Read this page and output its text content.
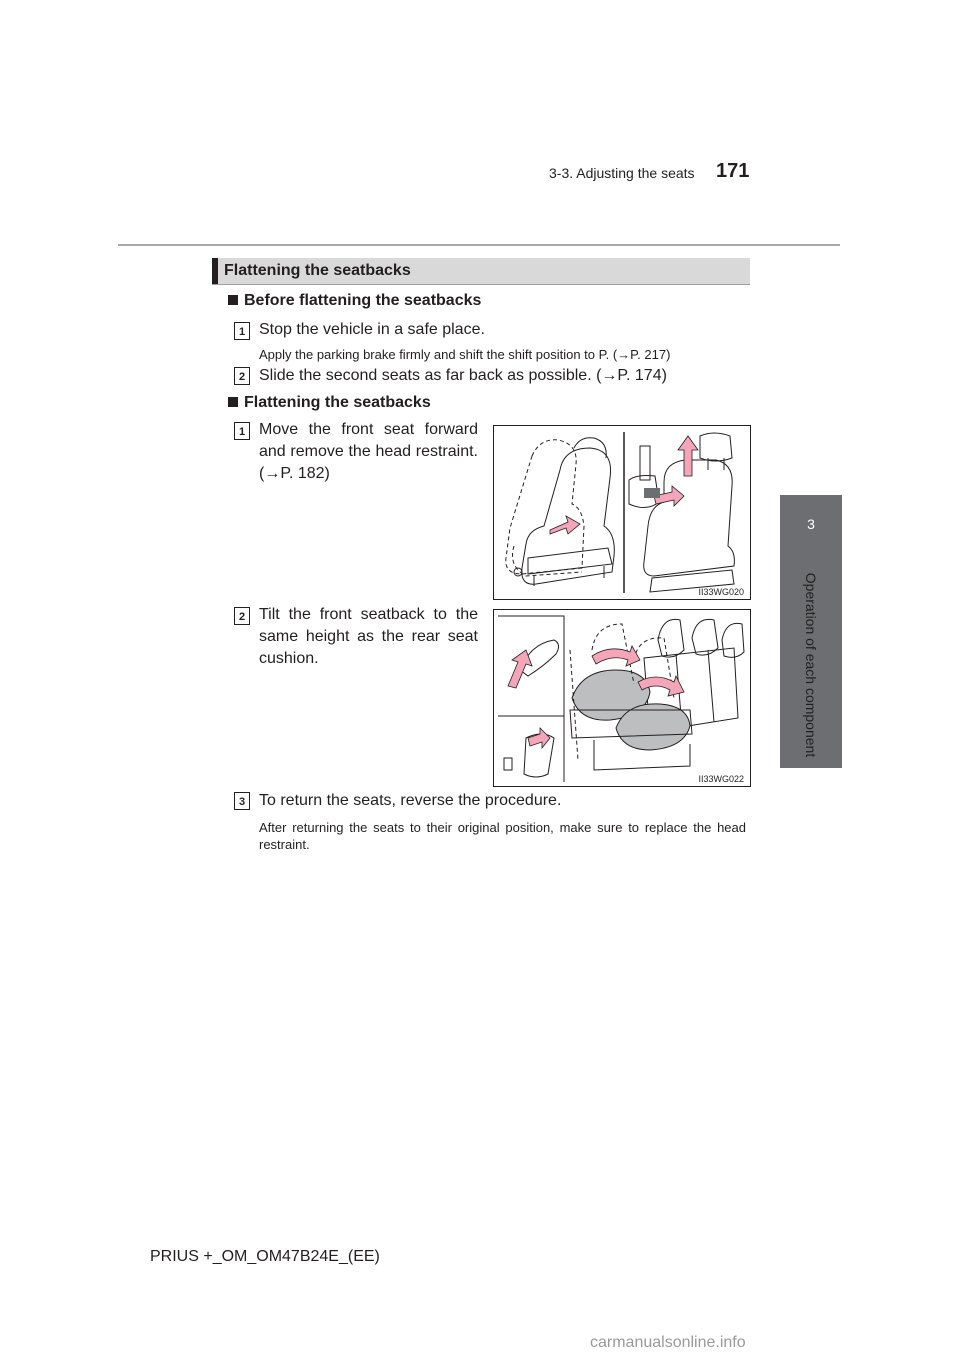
3-3. Adjusting the seats 171
3
Operation of each component
Flattening the seatbacks
Before flattening the seatbacks
1 Stop the vehicle in a safe place.
Apply the parking brake firmly and shift the shift position to P. (→P. 217)
2 Slide the second seats as far back as possible. (→P. 174)
Flattening the seatbacks
1 Move the front seat forward and remove the head restraint. (→P. 182)
II33WG020
2 Tilt the front seatback to the same height as the rear seat cushion.
II33WG022
3 To return the seats, reverse the procedure.
After returning the seats to their original position, make sure to replace the head restraint.
PRIUS +_OM_OM47B24E_(EE)
carmanualsonline.info
